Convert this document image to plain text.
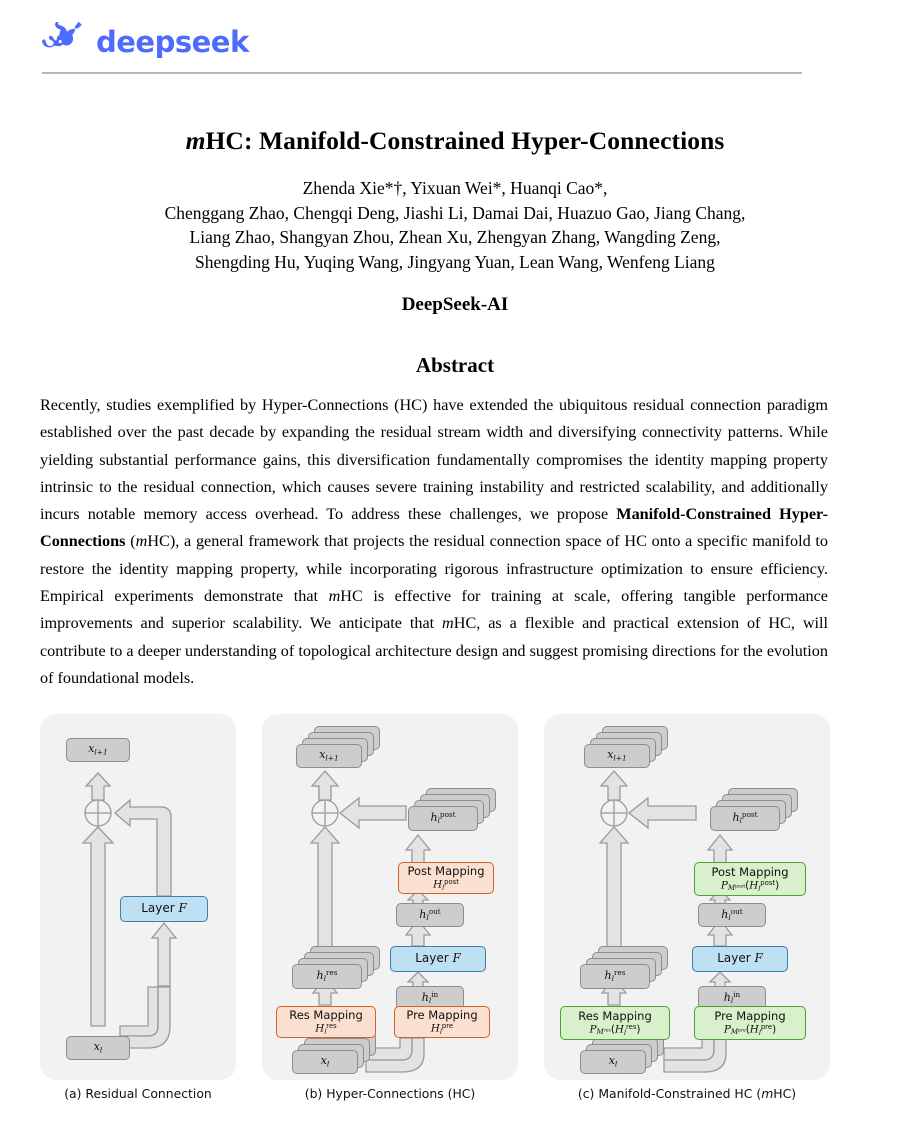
deepseek
mHC: Manifold-Constrained Hyper-Connections
Zhenda Xie*†, Yixuan Wei*, Huanqi Cao*,
Chenggang Zhao, Chengqi Deng, Jiashi Li, Damai Dai, Huazuo Gao, Jiang Chang,
Liang Zhao, Shangyan Zhou, Zhean Xu, Zhengyan Zhang, Wangding Zeng,
Shengding Hu, Yuqing Wang, Jingyang Yuan, Lean Wang, Wenfeng Liang
DeepSeek-AI
Abstract
Recently, studies exemplified by Hyper-Connections (HC) have extended the ubiquitous residual connection paradigm established over the past decade by expanding the residual stream width and diversifying connectivity patterns. While yielding substantial performance gains, this diversification fundamentally compromises the identity mapping property intrinsic to the residual connection, which causes severe training instability and restricted scalability, and additionally incurs notable memory access overhead. To address these challenges, we propose Manifold-Constrained Hyper-Connections (mHC), a general framework that projects the residual connection space of HC onto a specific manifold to restore the identity mapping property, while incorporating rigorous infrastructure optimization to ensure efficiency. Empirical experiments demonstrate that mHC is effective for training at scale, offering tangible performance improvements and superior scalability. We anticipate that mHC, as a flexible and practical extension of HC, will contribute to a deeper understanding of topological architecture design and suggest promising directions for the evolution of foundational models.
$x_{l+1}$
Layer F
$x_l$
(a) Residual Connection
$x_{l+1}$
$h_l^{post}$
Post Mapping
$H_l^{post}$
$h_l^{out}$
Layer F
$h_l^{in}$
$h_l^{res}$
Res Mapping
$H_l^{res}$
Pre Mapping
$H_l^{pre}$
$x_l$
(b) Hyper-Connections (HC)
$x_{l+1}$
$h_l^{post}$
Post Mapping
$P_{M^{post}}(H_l^{post})$
$h_l^{out}$
Layer F
$h_l^{in}$
$h_l^{res}$
Res Mapping
$P_{M^{res}}(H_l^{res})$
Pre Mapping
$P_{M^{pre}}(H_l^{pre})$
$x_l$
(c) Manifold-Constrained HC (mHC)
